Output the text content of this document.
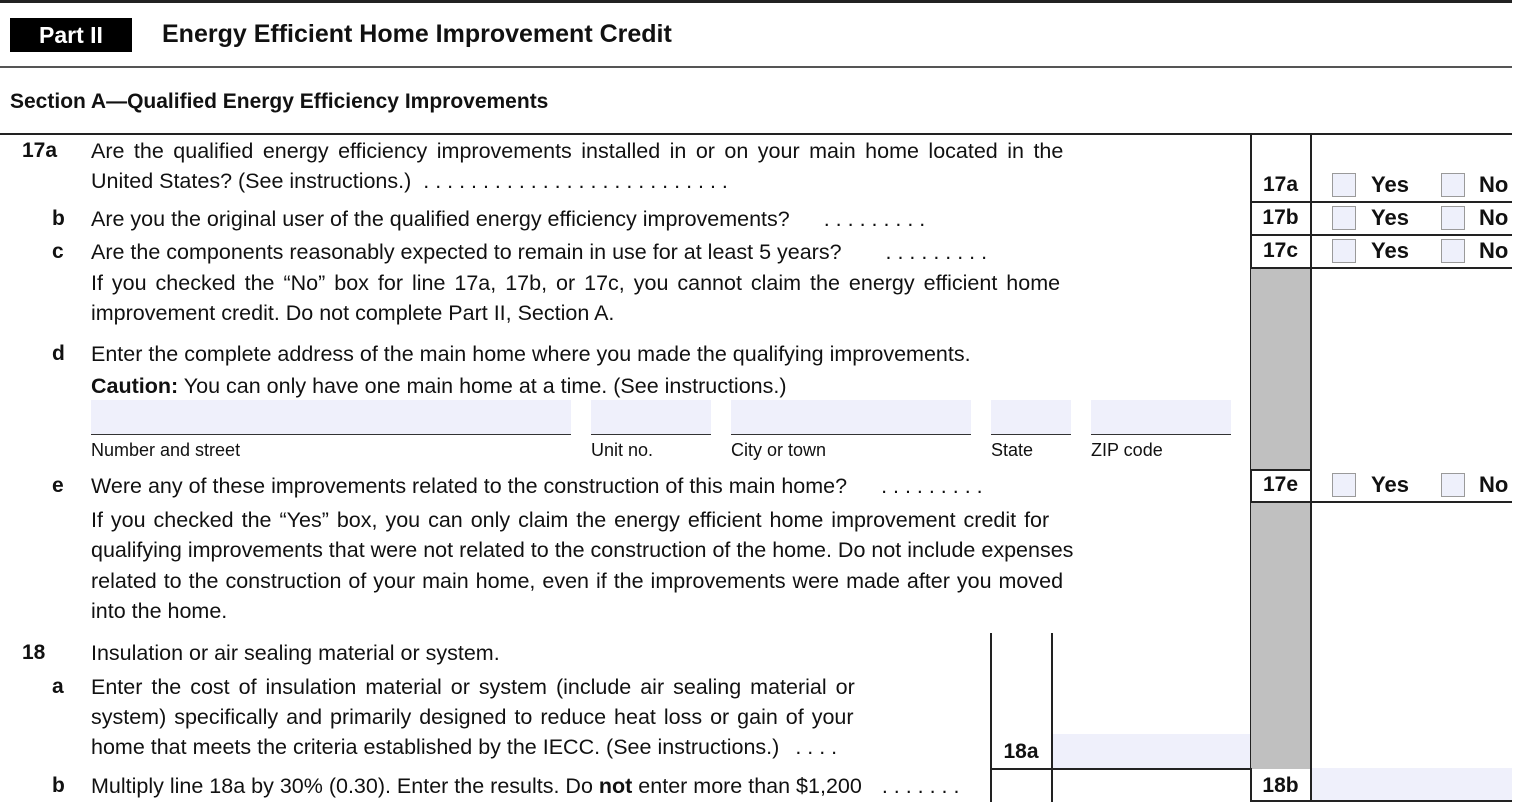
Part II	Energy Efficient Home Improvement Credit
Section A—Qualified Energy Efficiency Improvements
17a Are the qualified energy efficiency improvements installed in or on your main home located in the
United States? (See instructions.) . . . . . . . . . . . . . . . . . . . . . . . . . .	17a	Yes	No
b Are you the original user of the qualified energy efficiency improvements? . . . . . . . . .	17b	Yes	No
c Are the components reasonably expected to remain in use for at least 5 years? . . . . . . . . .	17c	Yes	No
If you checked the “No” box for line 17a, 17b, or 17c, you cannot claim the energy efficient home
improvement credit. Do not complete Part II, Section A.
d Enter the complete address of the main home where you made the qualifying improvements.
Caution: You can only have one main home at a time. (See instructions.)
Number and street	Unit no.	City or town	State	ZIP code
e Were any of these improvements related to the construction of this main home? . . . . . . . . .	17e	Yes	No
If you checked the “Yes” box, you can only claim the energy efficient home improvement credit for
qualifying improvements that were not related to the construction of the home. Do not include expenses
related to the construction of your main home, even if the improvements were made after you moved
into the home.
18 Insulation or air sealing material or system.
a Enter the cost of insulation material or system (include air sealing material or
system) specifically and primarily designed to reduce heat loss or gain of your
home that meets the criteria established by the IECC. (See instructions.) . . . .	18a
b Multiply line 18a by 30% (0.30). Enter the results. Do not enter more than $1,200 . . . . . . .	18b
